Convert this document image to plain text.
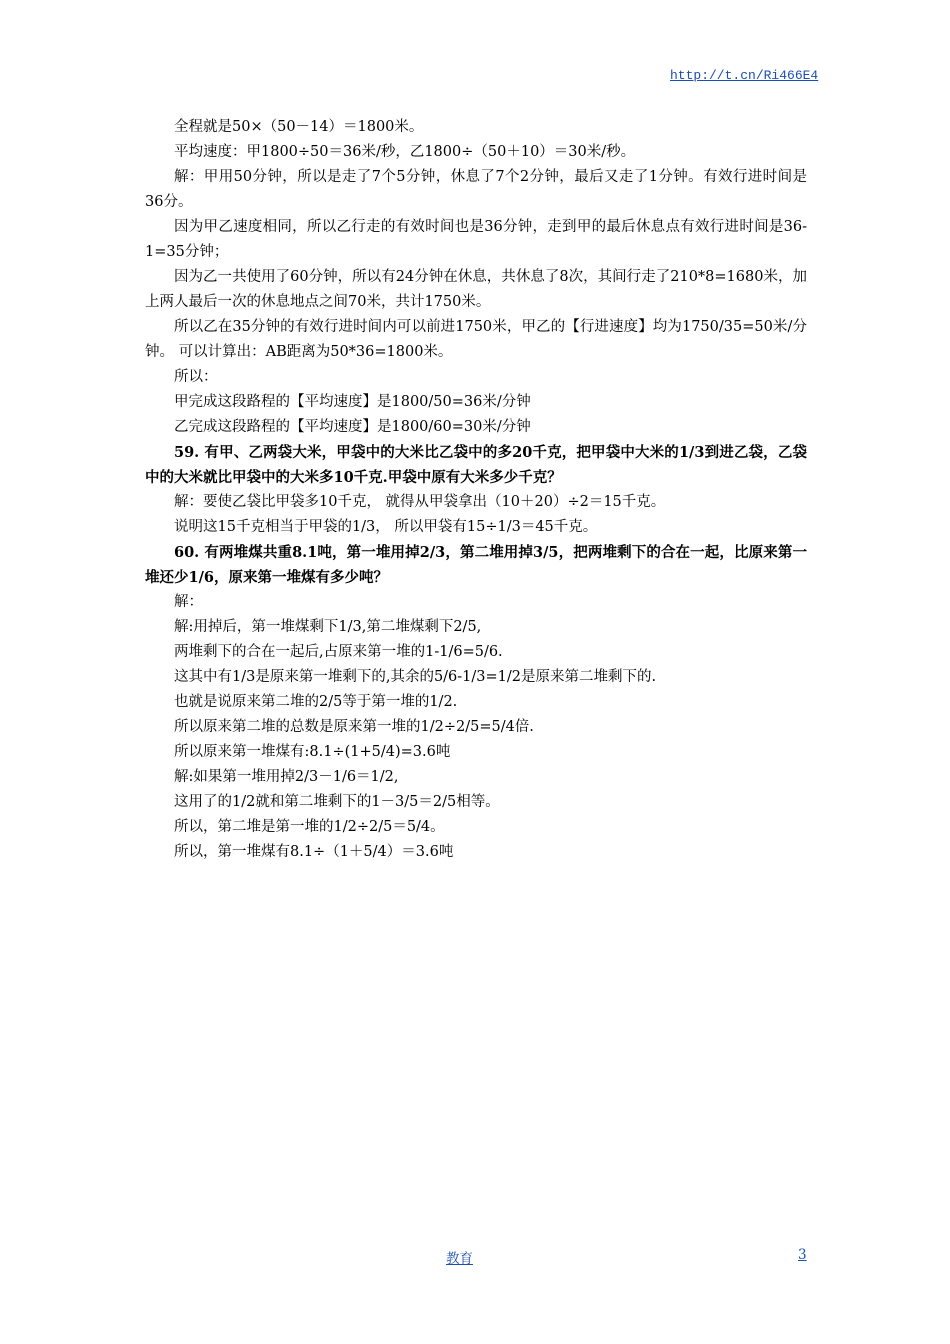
http://t.cn/Ri466E4

全程就是50×（50－14）＝1800米。

平均速度：甲1800÷50＝36米/秒，乙1800÷（50＋10）＝30米/秒。

解：甲用50分钟，所以是走了7个5分钟，休息了7个2分钟，最后又走了1分钟。有效行进时间是36分。

因为甲乙速度相同，所以乙行走的有效时间也是36分钟，走到甲的最后休息点有效行进时间是36-1=35分钟；

因为乙一共使用了60分钟，所以有24分钟在休息，共休息了8次，其间行走了210*8=1680米，加上两人最后一次的休息地点之间70米，共计1750米。

所以乙在35分钟的有效行进时间内可以前进1750米，甲乙的【行进速度】均为1750/35=50米/分钟。 可以计算出：AB距离为50*36=1800米。

所以：

甲完成这段路程的【平均速度】是1800/50=36米/分钟

乙完成这段路程的【平均速度】是1800/60=30米/分钟

59. 有甲、乙两袋大米，甲袋中的大米比乙袋中的多20千克，把甲袋中大米的1/3到进乙袋，乙袋中的大米就比甲袋中的大米多10千克.甲袋中原有大米多少千克？

解：要使乙袋比甲袋多10千克， 就得从甲袋拿出（10＋20）÷2＝15千克。

说明这15千克相当于甲袋的1/3， 所以甲袋有15÷1/3＝45千克。

60. 有两堆煤共重8.1吨，第一堆用掉2/3，第二堆用掉3/5，把两堆剩下的合在一起，比原来第一堆还少1/6，原来第一堆煤有多少吨？

解：

解:用掉后，第一堆煤剩下1/3,第二堆煤剩下2/5,

两堆剩下的合在一起后,占原来第一堆的1-1/6=5/6.

这其中有1/3是原来第一堆剩下的,其余的5/6-1/3=1/2是原来第二堆剩下的.

也就是说原来第二堆的2/5等于第一堆的1/2.

所以原来第二堆的总数是原来第一堆的1/2÷2/5=5/4倍.

所以原来第一堆煤有:8.1÷(1+5/4)=3.6吨

解:如果第一堆用掉2/3－1/6＝1/2,

这用了的1/2就和第二堆剩下的1－3/5＝2/5相等。

所以，第二堆是第一堆的1/2÷2/5＝5/4。

所以，第一堆煤有8.1÷（1＋5/4）＝3.6吨

教育	3
